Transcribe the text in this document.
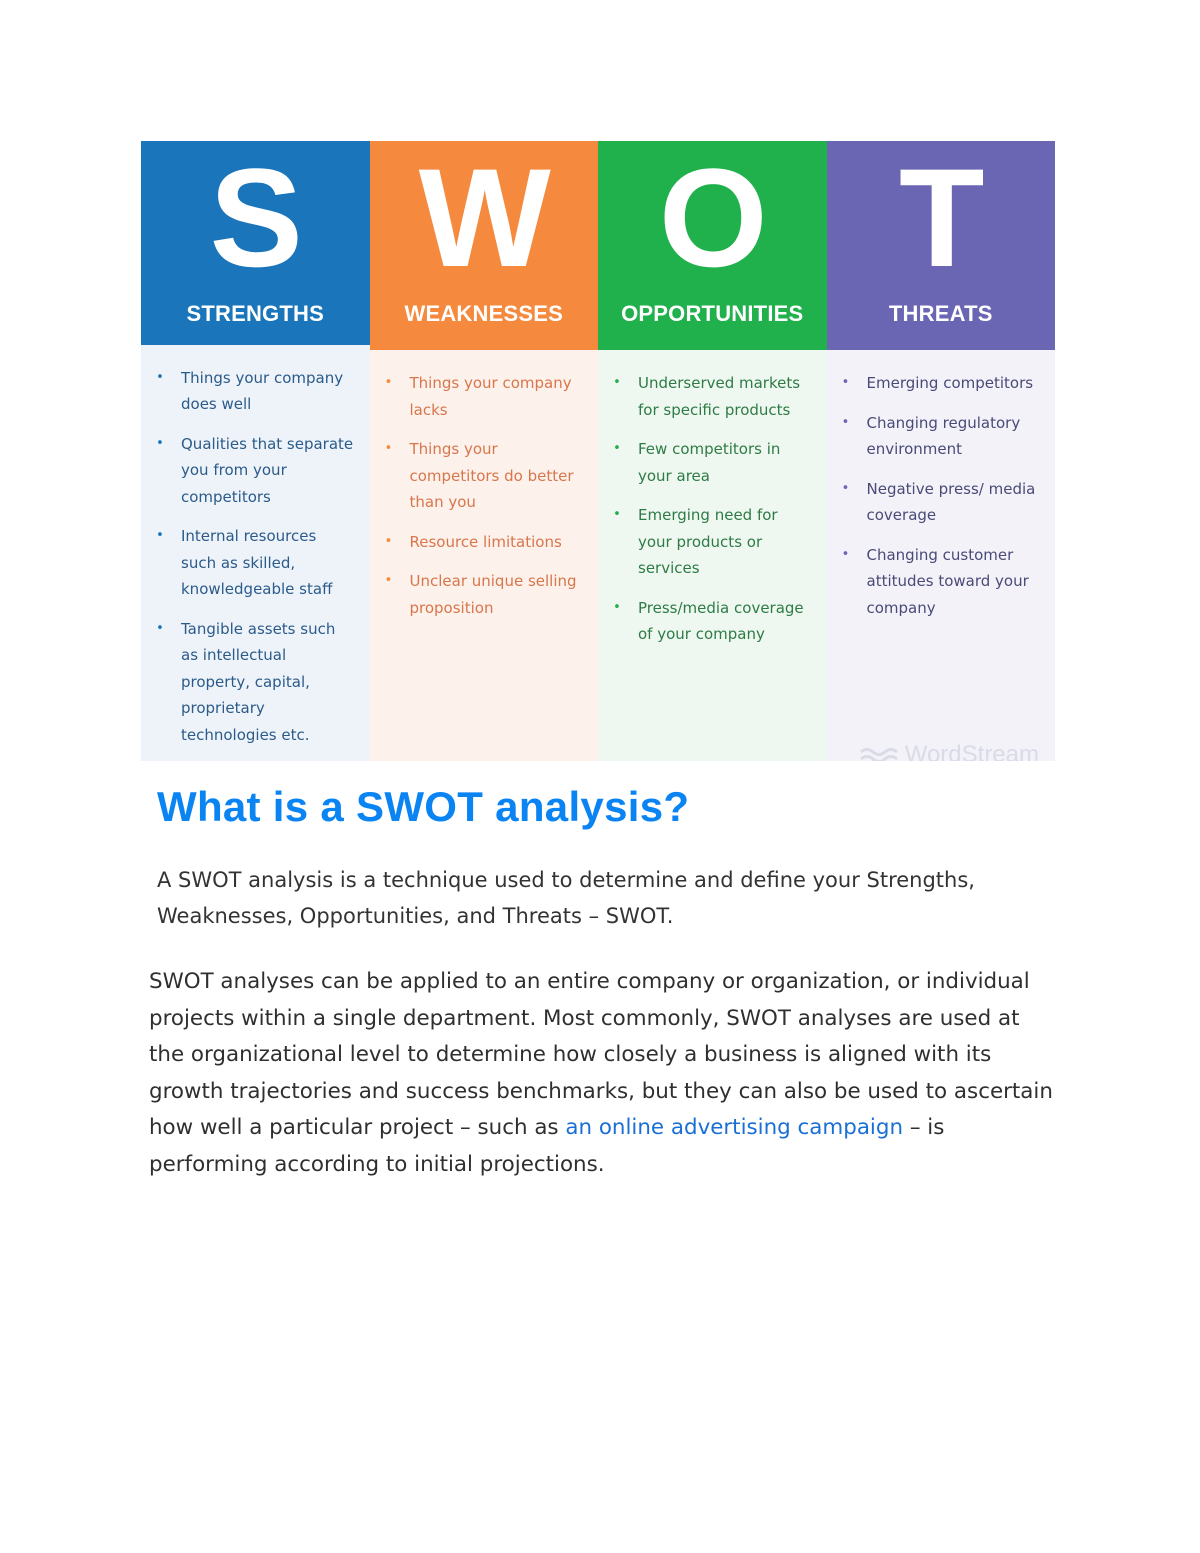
S
STRENGTHS
• Things your company does well
• Qualities that separate you from your competitors
• Internal resources such as skilled, knowledgeable staff
• Tangible assets such as intellectual property, capital, proprietary technologies etc.
W
WEAKNESSES
• Things your company lacks
• Things your competitors do better than you
• Resource limitations
• Unclear unique selling proposition
O
OPPORTUNITIES
• Underserved markets for specific products
• Few competitors in your area
• Emerging need for your products or services
• Press/media coverage of your company
T
THREATS
• Emerging competitors
• Changing regulatory environment
• Negative press/ media coverage
• Changing customer attitudes toward your company
WordStream
What is a SWOT analysis?

A SWOT analysis is a technique used to determine and define your Strengths, Weaknesses, Opportunities, and Threats – SWOT.

SWOT analyses can be applied to an entire company or organization, or individual projects within a single department. Most commonly, SWOT analyses are used at the organizational level to determine how closely a business is aligned with its growth trajectories and success benchmarks, but they can also be used to ascertain how well a particular project – such as an online advertising campaign – is performing according to initial projections.
